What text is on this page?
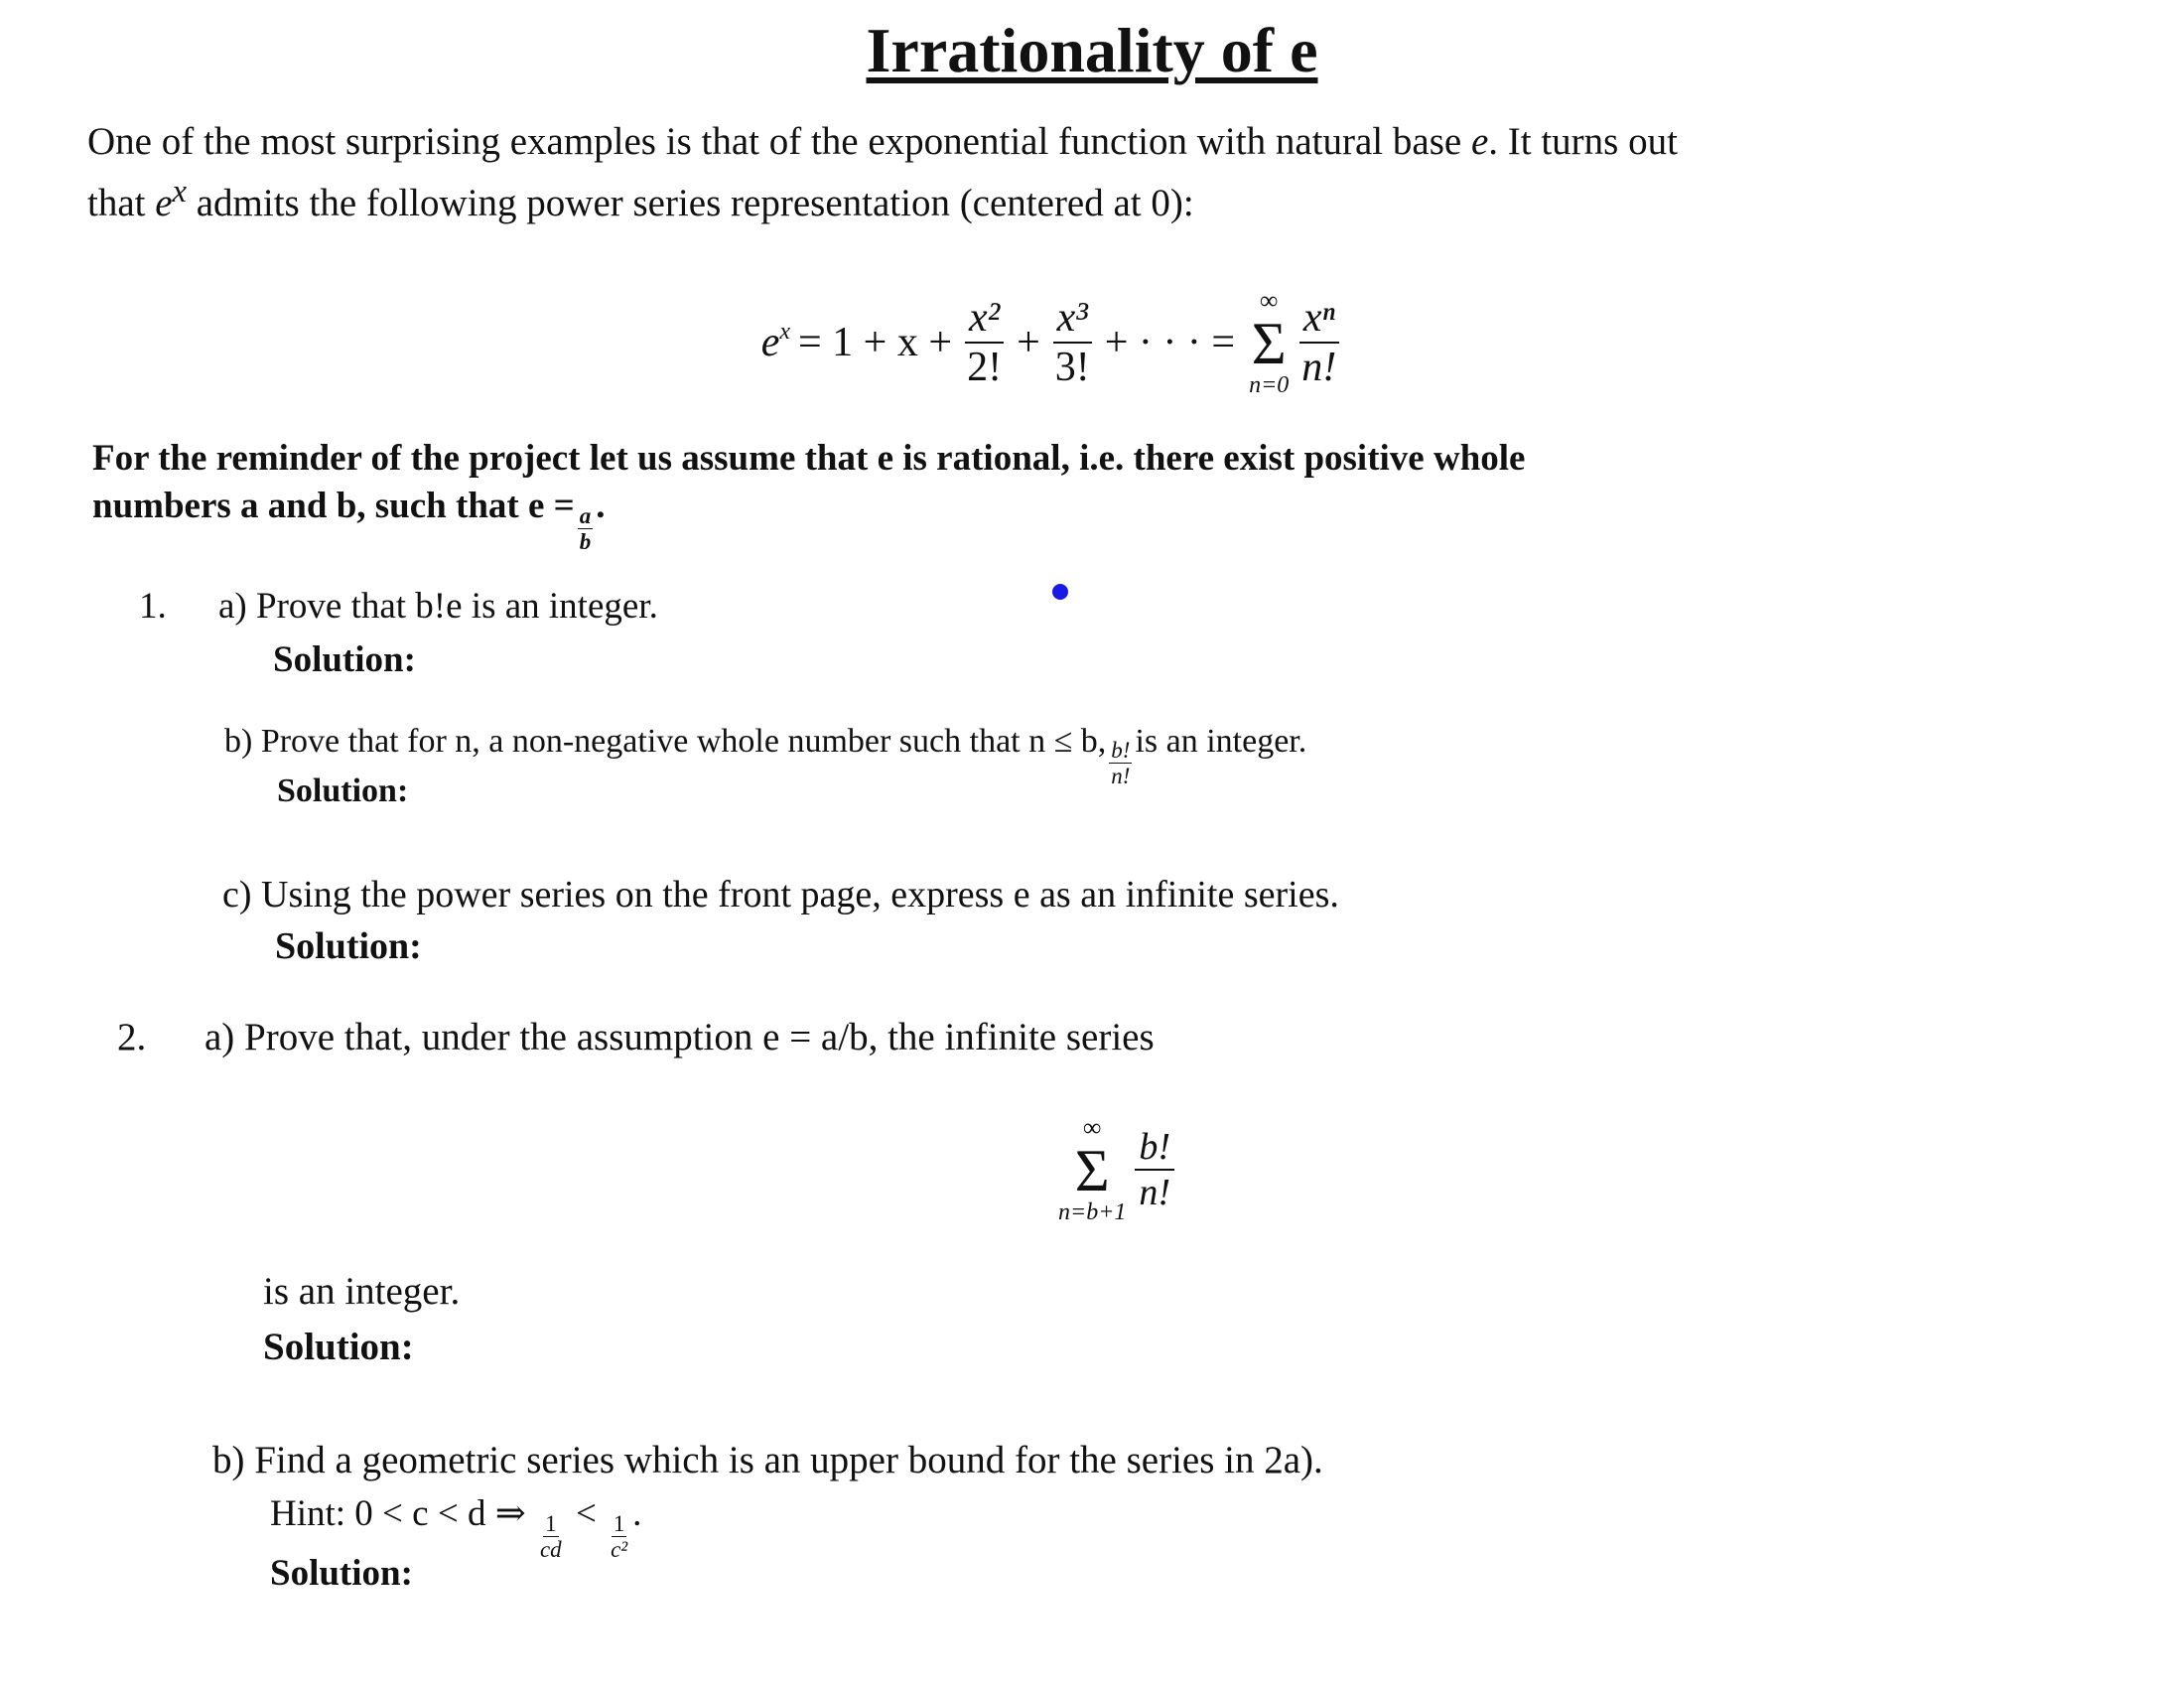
Irrationality of e
One of the most surprising examples is that of the exponential function with natural base e. It turns out
that $e^x$ admits the following power series representation (centered at 0):
e $^x = 1 + x + \frac{\text{x²}}{2!} + \frac{\text{x³}}{3!}$ + · · · =
∞
Σ
$n=0 \frac{\text{xⁿ}}{n!}$
For the reminder of the project let us assume that e is rational, i.e. there exist positive whole
numbers a and b, such that $e = \frac{a}{b}$ .
1. a) Prove that b!e is an integer.
Solution:
b) Prove that for n, a non-negative whole number such that n ≤ b, $\frac{b!}{n!}$ is an integer.
Solution:
c) Using the power series on the front page, express e as an infinite series.
Solution:
2. a) Prove that, under the assumption e = a/b, the infinite series
∞
Σ
n=b+1
$\frac{b!}{n!}$
is an integer.
Solution:
b) Find a geometric series which is an upper bound for the series in 2a).
Hint: 0 < c < d ⇒ $\frac{1}{cd} < \frac{1}{\text{c²}}$ .
Solution:
